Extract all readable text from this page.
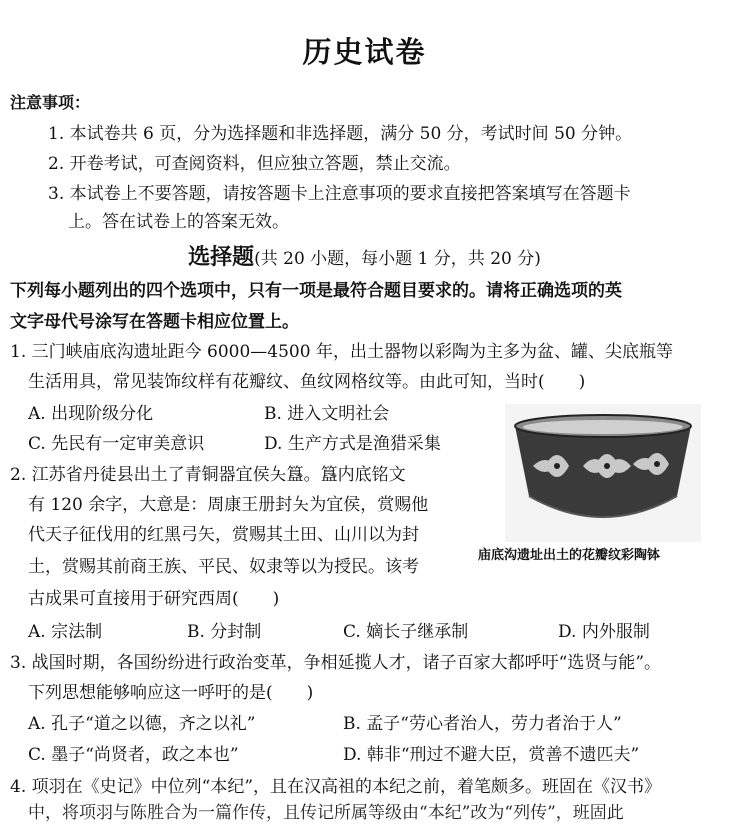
历史试卷
注意事项：
1. 本试卷共 6 页，分为选择题和非选择题，满分 50 分，考试时间 50 分钟。
2. 开卷考试，可查阅资料，但应独立答题，禁止交流。
3. 本试卷上不要答题，请按答题卡上注意事项的要求直接把答案填写在答题卡
上。答在试卷上的答案无效。
选择题(共 20 小题，每小题 1 分，共 20 分)
下列每小题列出的四个选项中，只有一项是最符合题目要求的。请将正确选项的英
文字母代号涂写在答题卡相应位置上。
1. 三门峡庙底沟遗址距今 6000—4500 年，出土器物以彩陶为主多为盆、罐、尖底瓶等
生活用具，常见装饰纹样有花瓣纹、鱼纹网格纹等。由此可知，当时(　　)
A. 出现阶级分化	B. 进入文明社会
C. 先民有一定审美意识	D. 生产方式是渔猎采集
庙底沟遗址出土的花瓣纹彩陶钵
2. 江苏省丹徒县出土了青铜器宜侯夨簋。簋内底铭文
有 120 余字，大意是：周康王册封夨为宜侯，赏赐他
代天子征伐用的红黑弓矢，赏赐其土田、山川以为封
土，赏赐其前商王族、平民、奴隶等以为授民。该考
古成果可直接用于研究西周(　　)
A. 宗法制	B. 分封制	C. 嫡长子继承制	D. 内外服制
3. 战国时期，各国纷纷进行政治变革，争相延揽人才，诸子百家大都呼吁“选贤与能”。
下列思想能够响应这一呼吁的是(　　)
A. 孔子“道之以德，齐之以礼”	B. 孟子“劳心者治人，劳力者治于人”
C. 墨子“尚贤者，政之本也”	D. 韩非“刑过不避大臣，赏善不遗匹夫”
4. 项羽在《史记》中位列“本纪”，且在汉高祖的本纪之前，着笔颇多。班固在《汉书》
中，将项羽与陈胜合为一篇作传，且传记所属等级由“本纪”改为“列传”，班固此
